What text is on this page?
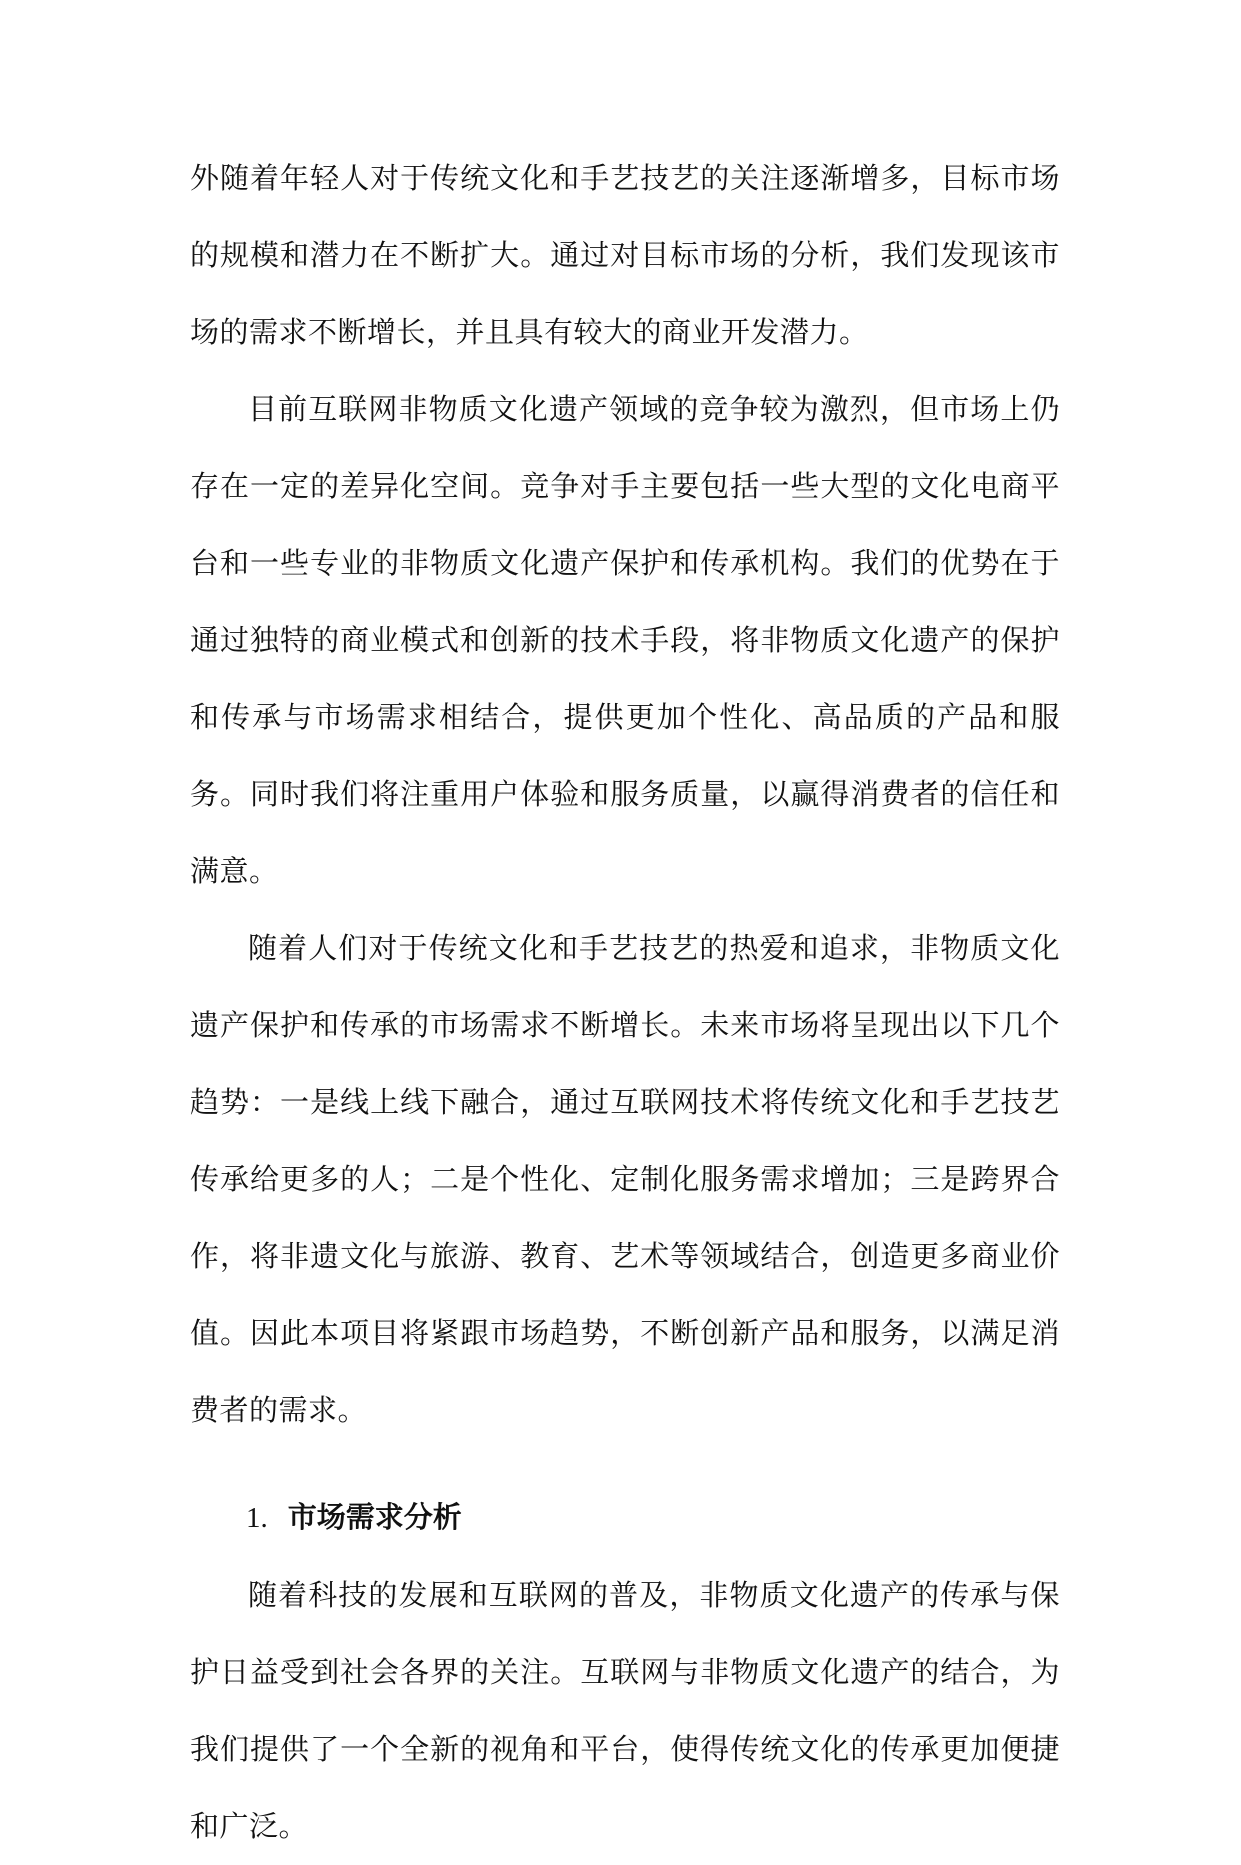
外随着年轻人对于传统文化和手艺技艺的关注逐渐增多，目标市场的规模和潜力在不断扩大。通过对目标市场的分析，我们发现该市场的需求不断增长，并且具有较大的商业开发潜力。

目前互联网非物质文化遗产领域的竞争较为激烈，但市场上仍存在一定的差异化空间。竞争对手主要包括一些大型的文化电商平台和一些专业的非物质文化遗产保护和传承机构。我们的优势在于通过独特的商业模式和创新的技术手段，将非物质文化遗产的保护和传承与市场需求相结合，提供更加个性化、高品质的产品和服务。同时我们将注重用户体验和服务质量，以赢得消费者的信任和满意。

随着人们对于传统文化和手艺技艺的热爱和追求，非物质文化遗产保护和传承的市场需求不断增长。未来市场将呈现出以下几个趋势：一是线上线下融合，通过互联网技术将传统文化和手艺技艺传承给更多的人；二是个性化、定制化服务需求增加；三是跨界合作，将非遗文化与旅游、教育、艺术等领域结合，创造更多商业价值。因此本项目将紧跟市场趋势，不断创新产品和服务，以满足消费者的需求。

1. 市场需求分析

随着科技的发展和互联网的普及，非物质文化遗产的传承与保护日益受到社会各界的关注。互联网与非物质文化遗产的结合，为我们提供了一个全新的视角和平台，使得传统文化的传承更加便捷和广泛。
